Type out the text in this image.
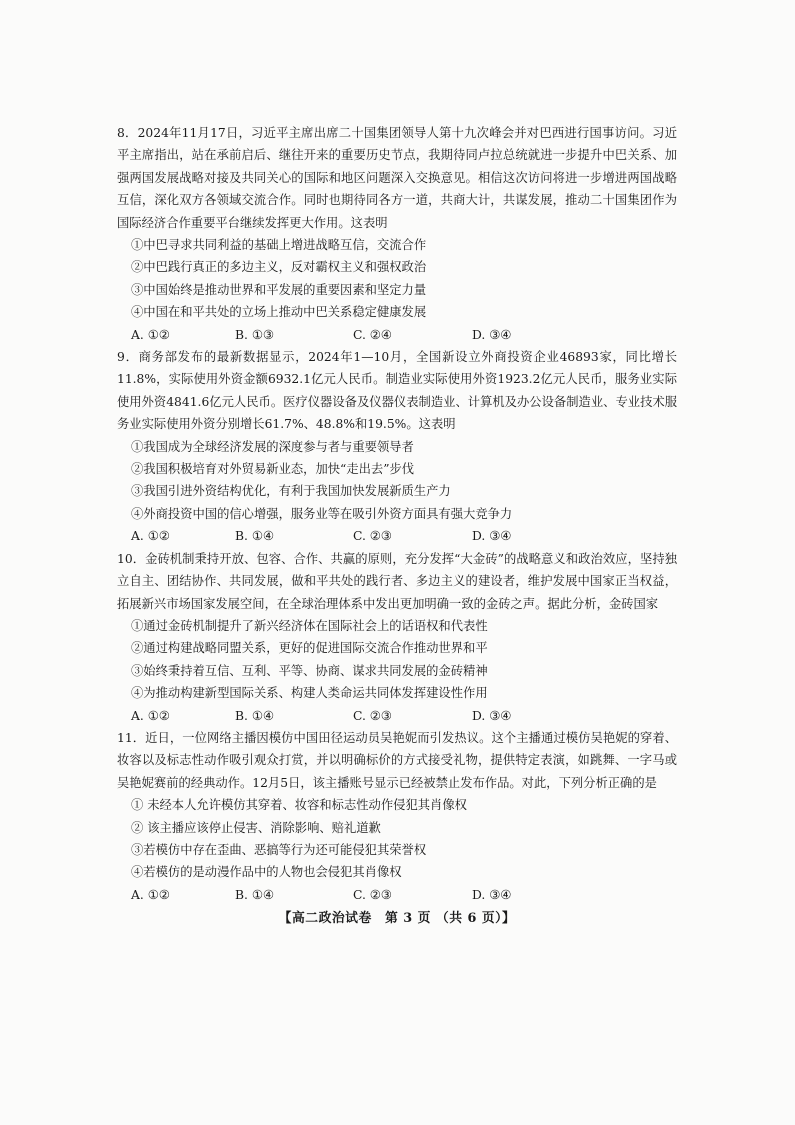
8．2024年11月17日，习近平主席出席二十国集团领导人第十九次峰会并对巴西进行国事访问。习近平主席指出，站在承前启后、继往开来的重要历史节点，我期待同卢拉总统就进一步提升中巴关系、加强两国发展战略对接及共同关心的国际和地区问题深入交换意见。相信这次访问将进一步增进两国战略互信，深化双方各领域交流合作。同时也期待同各方一道，共商大计，共谋发展，推动二十国集团作为国际经济合作重要平台继续发挥更大作用。这表明

①中巴寻求共同利益的基础上增进战略互信，交流合作

②中巴践行真正的多边主义，反对霸权主义和强权政治

③中国始终是推动世界和平发展的重要因素和坚定力量

④中国在和平共处的立场上推动中巴关系稳定健康发展

A. ①②	B. ①③	C. ②④	D. ③④

9．商务部发布的最新数据显示，2024年1—10月，全国新设立外商投资企业46893家，同比增长11.8%，实际使用外资金额6932.1亿元人民币。制造业实际使用外资1923.2亿元人民币，服务业实际使用外资4841.6亿元人民币。医疗仪器设备及仪器仪表制造业、计算机及办公设备制造业、专业技术服务业实际使用外资分别增长61.7%、48.8%和19.5%。这表明

①我国成为全球经济发展的深度参与者与重要领导者

②我国积极培育对外贸易新业态，加快“走出去”步伐

③我国引进外资结构优化，有利于我国加快发展新质生产力

④外商投资中国的信心增强，服务业等在吸引外资方面具有强大竞争力

A. ①②	B. ①④	C. ②③	D. ③④

10．金砖机制秉持开放、包容、合作、共赢的原则，充分发挥“大金砖”的战略意义和政治效应，坚持独立自主、团结协作、共同发展，做和平共处的践行者、多边主义的建设者，维护发展中国家正当权益，拓展新兴市场国家发展空间，在全球治理体系中发出更加明确一致的金砖之声。据此分析，金砖国家

①通过金砖机制提升了新兴经济体在国际社会上的话语权和代表性

②通过构建战略同盟关系，更好的促进国际交流合作推动世界和平

③始终秉持着互信、互利、平等、协商、谋求共同发展的金砖精神

④为推动构建新型国际关系、构建人类命运共同体发挥建设性作用

A. ①②	B. ①④	C. ②③	D. ③④

11．近日，一位网络主播因模仿中国田径运动员吴艳妮而引发热议。这个主播通过模仿吴艳妮的穿着、妆容以及标志性动作吸引观众打赏，并以明确标价的方式接受礼物，提供特定表演，如跳舞、一字马或吴艳妮赛前的经典动作。12月5日，该主播账号显示已经被禁止发布作品。对此，下列分析正确的是

① 未经本人允许模仿其穿着、妆容和标志性动作侵犯其肖像权

② 该主播应该停止侵害、消除影响、赔礼道歉

③若模仿中存在歪曲、恶搞等行为还可能侵犯其荣誉权

④若模仿的是动漫作品中的人物也会侵犯其肖像权

A. ①②	B. ①④	C. ②③	D. ③④
【高二政治试卷　第 3 页 （共 6 页）】
